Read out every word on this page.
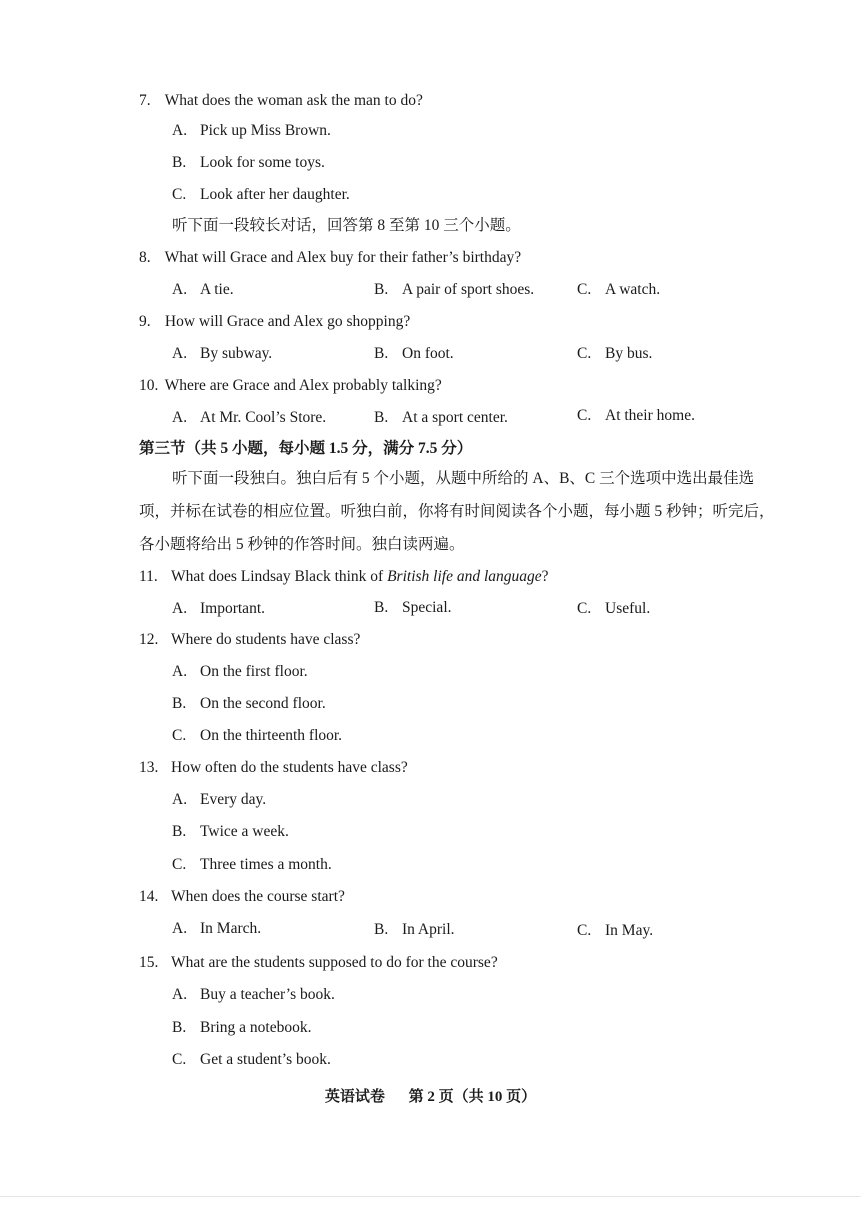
7. What does the woman ask the man to do?
A. Pick up Miss Brown.
B. Look for some toys.
C. Look after her daughter.
听下面一段较长对话，回答第 8 至第 10 三个小题。
8. What will Grace and Alex buy for their father’s birthday?
A. A tie.	B. A pair of sport shoes.	C. A watch.
9. How will Grace and Alex go shopping?
A. By subway.	B. On foot.	C. By bus.
10. Where are Grace and Alex probably talking?
A. At Mr. Cool’s Store.	B. At a sport center.	C. At their home.
第三节（共 5 小题，每小题 1.5 分，满分 7.5 分）
听下面一段独白。独白后有 5 个小题，从题中所给的 A、B、C 三个选项中选出最佳选
项，并标在试卷的相应位置。听独白前，你将有时间阅读各个小题，每小题 5 秒钟；听完后，
各小题将给出 5 秒钟的作答时间。独白读两遍。
11. What does Lindsay Black think of British life and language?
A. Important.	B. Special.	C. Useful.
12. Where do students have class?
A. On the first floor.
B. On the second floor.
C. On the thirteenth floor.
13. How often do the students have class?
A. Every day.
B. Twice a week.
C. Three times a month.
14. When does the course start?
A. In March.	B. In April.	C. In May.
15. What are the students supposed to do for the course?
A. Buy a teacher’s book.
B. Bring a notebook.
C. Get a student’s book.
英语试卷 第 2 页（共 10 页）
